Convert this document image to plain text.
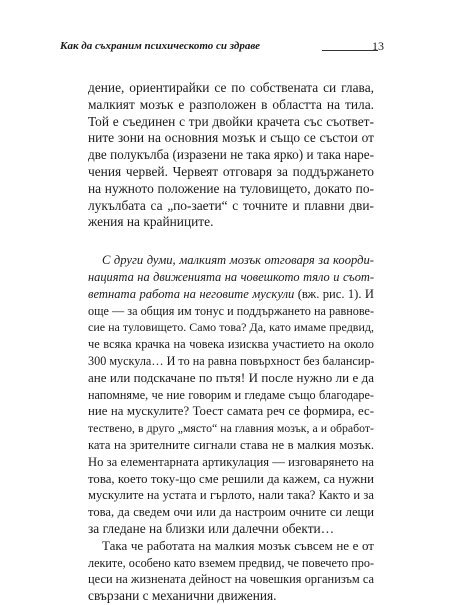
Как да съхраним психическото си здраве	13
дение, ориентирайки се по собствената си глава,
малкият мозък е разположен в областта на тила.
Той е съединен с три двойки крачета със съответ-
ните зони на основния мозък и също се състои от
две полукълба (изразени не така ярко) и така наре-
чения червей. Червеят отговаря за поддържането
на нужното положение на туловището, докато по-
лукълбата са „по-заети“ с точните и плавни дви-
жения на крайниците.
С други думи, малкият мозък отговаря за коорди-
нацията на движенията на човешкото тяло и съот-
ветната работа на неговите мускули (вж. рис. 1). И
още — за общия им тонус и поддържането на равнове-
сие на туловището. Само това? Да, като имаме предвид,
че всяка крачка на човека изисква участието на около
300 мускула… И то на равна повърхност без балансир-
ане или подскачане по пътя! И после нужно ли е да
напомняме, че ние говорим и гледаме също благодаре-
ние на мускулите? Тоест самата реч се формира, ес-
тествено, в друго „място“ на главния мозък, а и обработ-
ката на зрителните сигнали става не в малкия мозък.
Но за елементарната артикулация — изговарянето на
това, което току-що сме решили да кажем, са нужни
мускулите на устата и гърлото, нали така? Както и за
това, да сведем очи или да настроим очните си лещи
за гледане на близки или далечни обекти…
Така че работата на малкия мозък съвсем не е от
леките, особено като вземем предвид, че повечето про-
цеси на жизнената дейност на човешкия организъм са
свързани с механични движения.
